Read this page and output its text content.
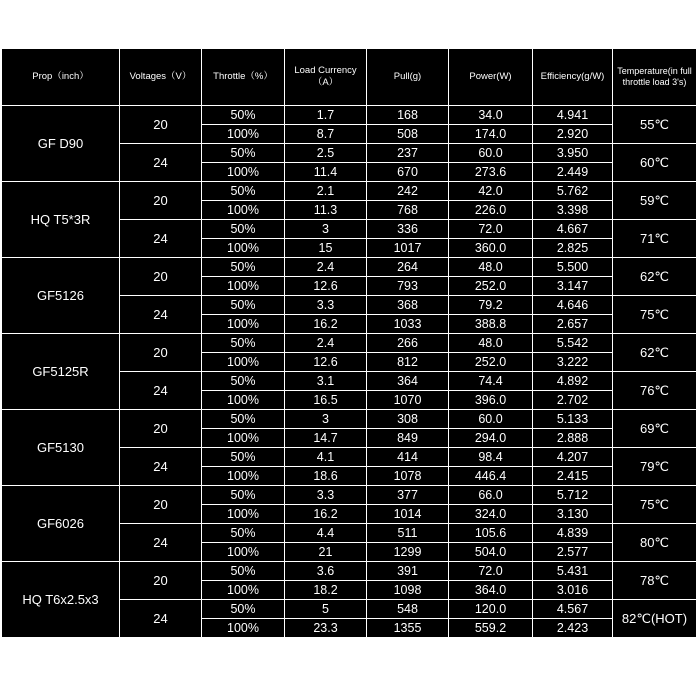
Prop（inch）	Voltages（V）	Throttle（%）	Load Currency（A）	Pull(g)	Power(W)	Efficiency(g/W)	Temperature(in full throttle load 3's)
GF D90	20	50%	1.7	168	34.0	4.941	55℃
		100%	8.7	508	174.0	2.920	
	24	50%	2.5	237	60.0	3.950	60℃
		100%	11.4	670	273.6	2.449	
HQ T5*3R	20	50%	2.1	242	42.0	5.762	59℃
		100%	11.3	768	226.0	3.398	
	24	50%	3	336	72.0	4.667	71℃
		100%	15	1017	360.0	2.825	
GF5126	20	50%	2.4	264	48.0	5.500	62℃
		100%	12.6	793	252.0	3.147	
	24	50%	3.3	368	79.2	4.646	75℃
		100%	16.2	1033	388.8	2.657	
GF5125R	20	50%	2.4	266	48.0	5.542	62℃
		100%	12.6	812	252.0	3.222	
	24	50%	3.1	364	74.4	4.892	76℃
		100%	16.5	1070	396.0	2.702	
GF5130	20	50%	3	308	60.0	5.133	69℃
		100%	14.7	849	294.0	2.888	
	24	50%	4.1	414	98.4	4.207	79℃
		100%	18.6	1078	446.4	2.415	
GF6026	20	50%	3.3	377	66.0	5.712	75℃
		100%	16.2	1014	324.0	3.130	
	24	50%	4.4	511	105.6	4.839	80℃
		100%	21	1299	504.0	2.577	
HQ T6x2.5x3	20	50%	3.6	391	72.0	5.431	78℃
		100%	18.2	1098	364.0	3.016	
	24	50%	5	548	120.0	4.567	82℃(HOT)
		100%	23.3	1355	559.2	2.423	
